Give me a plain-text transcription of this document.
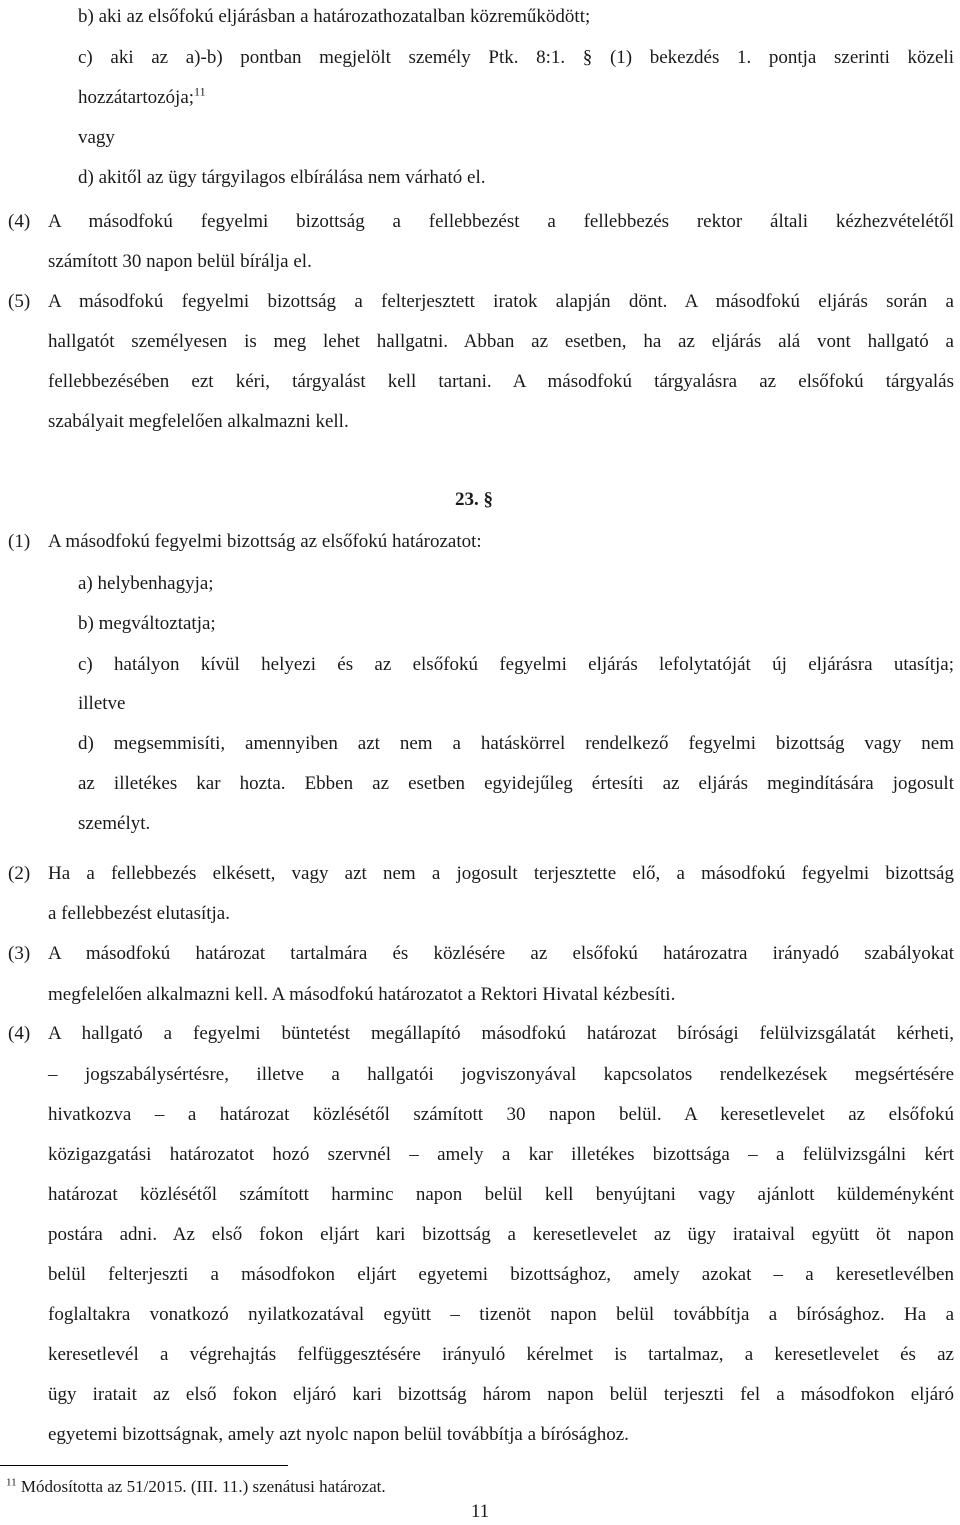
b) aki az elsőfokú eljárásban a határozathozatalban közreműködött;
c) aki az a)-b) pontban megjelölt személy Ptk. 8:1. § (1) bekezdés 1. pontja szerinti közeli
hozzátartozója;$^{11}$
vagy
d) akitől az ügy tárgyilagos elbírálása nem várható el.
(4) A másodfokú fegyelmi bizottság a fellebbezést a fellebbezés rektor általi kézhezvételétől
számított 30 napon belül bírálja el.
(5) A másodfokú fegyelmi bizottság a felterjesztett iratok alapján dönt. A másodfokú eljárás során a
hallgatót személyesen is meg lehet hallgatni. Abban az esetben, ha az eljárás alá vont hallgató a
fellebbezésében ezt kéri, tárgyalást kell tartani. A másodfokú tárgyalásra az elsőfokú tárgyalás
szabályait megfelelően alkalmazni kell.
23. §
(1) A másodfokú fegyelmi bizottság az elsőfokú határozatot:
a) helybenhagyja;
b) megváltoztatja;
c) hatályon kívül helyezi és az elsőfokú fegyelmi eljárás lefolytatóját új eljárásra utasítja;
illetve
d) megsemmisíti, amennyiben azt nem a hatáskörrel rendelkező fegyelmi bizottság vagy nem
az illetékes kar hozta. Ebben az esetben egyidejűleg értesíti az eljárás megindítására jogosult
személyt.
(2) Ha a fellebbezés elkésett, vagy azt nem a jogosult terjesztette elő, a másodfokú fegyelmi bizottság
a fellebbezést elutasítja.
(3) A másodfokú határozat tartalmára és közlésére az elsőfokú határozatra irányadó szabályokat
megfelelően alkalmazni kell. A másodfokú határozatot a Rektori Hivatal kézbesíti.
(4) A hallgató a fegyelmi büntetést megállapító másodfokú határozat bírósági felülvizsgálatát kérheti,
– jogszabálysértésre, illetve a hallgatói jogviszonyával kapcsolatos rendelkezések megsértésére
hivatkozva – a határozat közlésétől számított 30 napon belül. A keresetlevelet az elsőfokú
közigazgatási határozatot hozó szervnél – amely a kar illetékes bizottsága – a felülvizsgálni kért
határozat közlésétől számított harminc napon belül kell benyújtani vagy ajánlott küldeményként
postára adni. Az első fokon eljárt kari bizottság a keresetlevelet az ügy irataival együtt öt napon
belül felterjeszti a másodfokon eljárt egyetemi bizottsághoz, amely azokat – a keresetlevélben
foglaltakra vonatkozó nyilatkozatával együtt – tizenöt napon belül továbbítja a bírósághoz. Ha a
keresetlevél a végrehajtás felfüggesztésére irányuló kérelmet is tartalmaz, a keresetlevelet és az
ügy iratait az első fokon eljáró kari bizottság három napon belül terjeszti fel a másodfokon eljáró
egyetemi bizottságnak, amely azt nyolc napon belül továbbítja a bírósághoz.
$^{11}$ Módosította az 51/2015. (III. 11.) szenátusi határozat.
11
